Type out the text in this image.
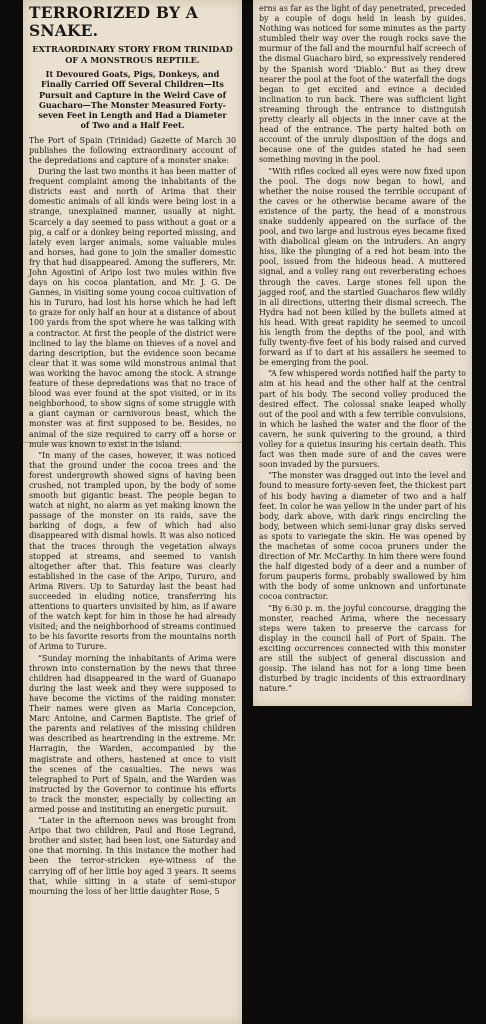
TERRORIZED BY A SNAKE.
EXTRAORDINARY STORY FROM TRINIDAD OF A MONSTROUS REPTILE.
It Devoured Goats, Pigs, Donkeys, and Finally Carried Off Several Children—Its Pursuit and Capture in the Weird Cave of Guacharo—The Monster Measured Forty-seven Feet in Length and Had a Diameter of Two and a Half Feet.

The Port of Spain (Trinidad) Gazette of March 30 publishes the following extraordinary account of the depredations and capture of a monster snake:

During the last two months it has been matter of frequent complaint among the inhabitants of the districts east and north of Arima that their domestic animals of all kinds were being lost in a strange, unexplained manner, usually at night. Scarcely a day seemed to pass without a goat or a pig, a calf or a donkey being reported missing, and lately even larger animals, some valuable mules and horses, had gone to join the smaller domestic fry that had disappeared. Among the sufferers, Mr. John Agostini of Aripo lost two mules within five days on his cocoa plantation, and Mr. J. G. De Gannes, in visiting some young cocoa cultivation of his in Tururo, had lost his horse which he had left to graze for only half an hour at a distance of about 100 yards from the spot where he was talking with a contractor. At first the people of the district were inclined to lay the blame on thieves of a novel and daring description, but the evidence soon became clear that it was some wild monstrous animal that was working the havoc among the stock. A strange feature of these depredations was that no trace of blood was ever found at the spot visited, or in its neighborhood, to show signs of some struggle with a giant cayman or carnivorous beast, which the monster was at first supposed to be. Besides, no animal of the size required to carry off a horse or mule was known to exist in the island.

“In many of the cases, however, it was noticed that the ground under the cocoa trees and the forest undergrowth showed signs of having been crushed, not trampled upon, by the body of some smooth but gigantic beast. The people began to watch at night, no alarm as yet making known the passage of the monster on its raids, save the barking of dogs, a few of which had also disappeared with dismal howls. It was also noticed that the traces through the vegetation always stopped at streams, and seemed to vanish altogether after that. This feature was clearly established in the case of the Aripo, Tururo, and Arima Rivers. Up to Saturday last the beast had succeeded in eluding notice, transferring his attentions to quarters unvisited by him, as if aware of the watch kept for him in those he had already visited; and the neighborhood of streams continued to be his favorite resorts from the mountains north of Arima to Turure.

“Sunday morning the inhabitants of Arima were thrown into consternation by the news that three children had disappeared in the ward of Guanapo during the last week and they were supposed to have become the victims of the raiding monster. Their names were given as Maria Concepcion, Marc Antoine, and Carmen Baptiste. The grief of the parents and relatives of the missing children was described as heartrending in the extreme. Mr. Harragin, the Warden, accompanied by the magistrate and others, hastened at once to visit the scenes of the casualties. The news was telegraphed to Port of Spain, and the Warden was instructed by the Governor to continue his efforts to track the monster, especially by collecting an armed posse and instituting an energetic pursuit.

“Later in the afternoon news was brought from Aripo that two children, Paul and Rose Legrand, brother and sister, had been lost, one Saturday and one that morning. In this instance the mother had been the terror-stricken eye-witness of the carrying off of her little boy aged 3 years. It seems that, while sitting in a state of semi-stupor mourning the loss of her little daughter Rose, 5

erns as far as the light of day penetrated, preceded by a couple of dogs held in leash by guides. Nothing was noticed for some minutes as the party stumbled their way over the rough rocks save the murmur of the fall and the mournful half screech of the dismal Guacharo bird, so expressively rendered by the Spanish word ‘Diablo.’ But as they drew nearer the pool at the foot of the waterfall the dogs began to get excited and evince a decided inclination to run back. There was sufficient light streaming through the entrance to distinguish pretty clearly all objects in the inner cave at the head of the entrance. The party halted both on account of the unruly disposition of the dogs and because one of the guides stated he had seen something moving in the pool.

“With rifles cocked all eyes were now fixed upon the pool. The dogs now began to howl, and whether the noise roused the terrible occupant of the caves or he otherwise became aware of the existence of the party, the head of a monstrous snake suddenly appeared on the surface of the pool, and two large and lustrous eyes became fixed with diabolical gleam on the intruders. An angry hiss, like the plunging of a red hot beam into the pool, issued from the hideous head. A muttered signal, and a volley rang out reverberating echoes through the caves. Large stones fell upon the jagged roof, and the startled Guacharos flew wildly in all directions, uttering their dismal screech. The Hydra had not been killed by the bullets aimed at his head. With great rapidity he seemed to uncoil his length from the depths of the pool, and with fully twenty-five feet of his body raised and curved forward as if to dart at his assailers he seemed to be emerging from the pool.

“A few whispered words notified half the party to aim at his head and the other half at the central part of his body. The second volley produced the desired effect. The colossal snake leaped wholly out of the pool and with a few terrible convulsions, in which he lashed the water and the floor of the cavern, he sunk quivering to the ground, a third volley for a quietus insuring his certain death. This fact was then made sure of and the caves were soon invaded by the pursuers.

“The monster was dragged out into the level and found to measure forty-seven feet, the thickest part of his body having a diameter of two and a half feet. In color he was yellow in the under part of his body, dark above, with dark rings encircling the body, between which semi-lunar gray disks served as spots to variegate the skin. He was opened by the machetas of some cocoa pruners under the direction of Mr. McCarthy. In him there were found the half digested body of a deer and a number of forum pauperis forms, probably swallowed by him with the body of some unknown and unfortunate cocoa contractor.

“By 6:30 p. m. the joyful concourse, dragging the monster, reached Arima, where the necessary steps were taken to preserve the carcass for display in the council hall of Port of Spain. The exciting occurrences connected with this monster are still the subject of general discussion and gossip. The island has not for a long time been disturbed by tragic incidents of this extraordinary nature.”
